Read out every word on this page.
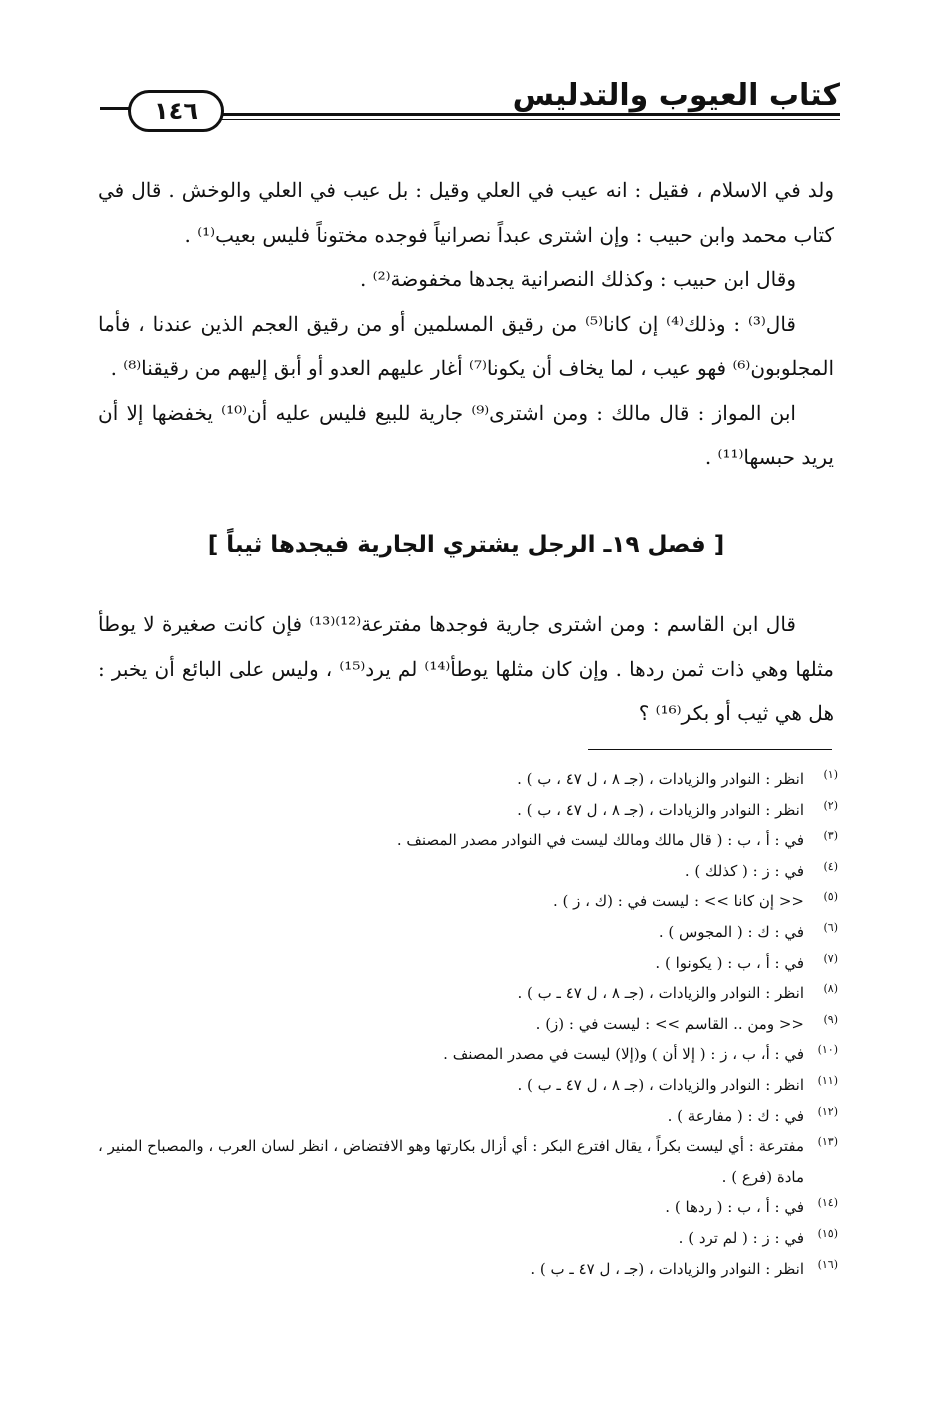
كتاب العيوب والتدليس
١٤٦

ولد في الاسلام ، فقيل : انه عيب في العلي وقيل : بل عيب في العلي والوخش . قال في كتاب محمد وابن حبيب : وإن اشترى عبداً نصرانياً فوجده مختوناً فليس بعيب⁽¹⁾ .

وقال ابن حبيب : وكذلك النصرانية يجدها مخفوضة⁽²⁾ .

قال⁽³⁾ : وذلك⁽⁴⁾ إن كانا⁽⁵⁾ من رقيق المسلمين أو من رقيق العجم الذين عندنا ، فأما المجلوبون⁽⁶⁾ فهو عيب ، لما يخاف أن يكونا⁽⁷⁾ أغار عليهم العدو أو أبق إليهم من رقيقنا⁽⁸⁾ .

ابن المواز : قال مالك : ومن اشترى⁽⁹⁾ جارية للبيع فليس عليه أن⁽¹⁰⁾ يخفضها إلا أن يريد حبسها⁽¹¹⁾ .

[ فصل ١٩ـ الرجل يشتري الجارية فيجدها ثيباً ]

قال ابن القاسم : ومن اشترى جارية فوجدها مفترعة⁽¹²⁾⁽¹³⁾ فإن كانت صغيرة لا يوطأ مثلها وهي ذات ثمن ردها . وإن كان مثلها يوطأ⁽¹⁴⁾ لم يرد⁽¹⁵⁾ ، وليس على البائع أن يخبر : هل هي ثيب أو بكر⁽¹⁶⁾ ؟

(١)
انظر : النوادر والزيادات ، (جـ ٨ ، ل ٤٧ ، ب ) .
(٢)
انظر : النوادر والزيادات ، (جـ ٨ ، ل ٤٧ ، ب ) .
(٣)
في : أ ، ب : ( قال مالك ومالك ليست في النوادر مصدر المصنف .
(٤)
في : ز : ( كذلك ) .
(٥)
<< إن كانا >> : ليست في : (ك ، ز ) .
(٦)
في : ك : ( المجوس ) .
(٧)
في : أ ، ب : ( يكونوا ) .
(٨)
انظر : النوادر والزيادات ، (جـ ٨ ، ل ٤٧ ـ ب ) .
(٩)
<< ومن .. القاسم >> : ليست في : (ز) .
(١٠)
في : أ، ب ، ز : ( إلا أن ) و(إلا) ليست في مصدر المصنف .
(١١)
انظر : النوادر والزيادات ، (جـ ٨ ، ل ٤٧ ـ ب ) .
(١٢)
في : ك : ( مفارعة ) .
(١٣)
مفترعة : أي ليست بكراً ، يقال افترع البكر : أي أزال بكارتها وهو الافتضاض ، انظر لسان العرب ، والمصباح المنير ، مادة (فرع ) .
(١٤)
في : أ ، ب : ( ردها ) .
(١٥)
في : ز : ( لم ترد ) .
(١٦)
انظر : النوادر والزيادات ، (جـ ، ل ٤٧ ـ ب ) .
